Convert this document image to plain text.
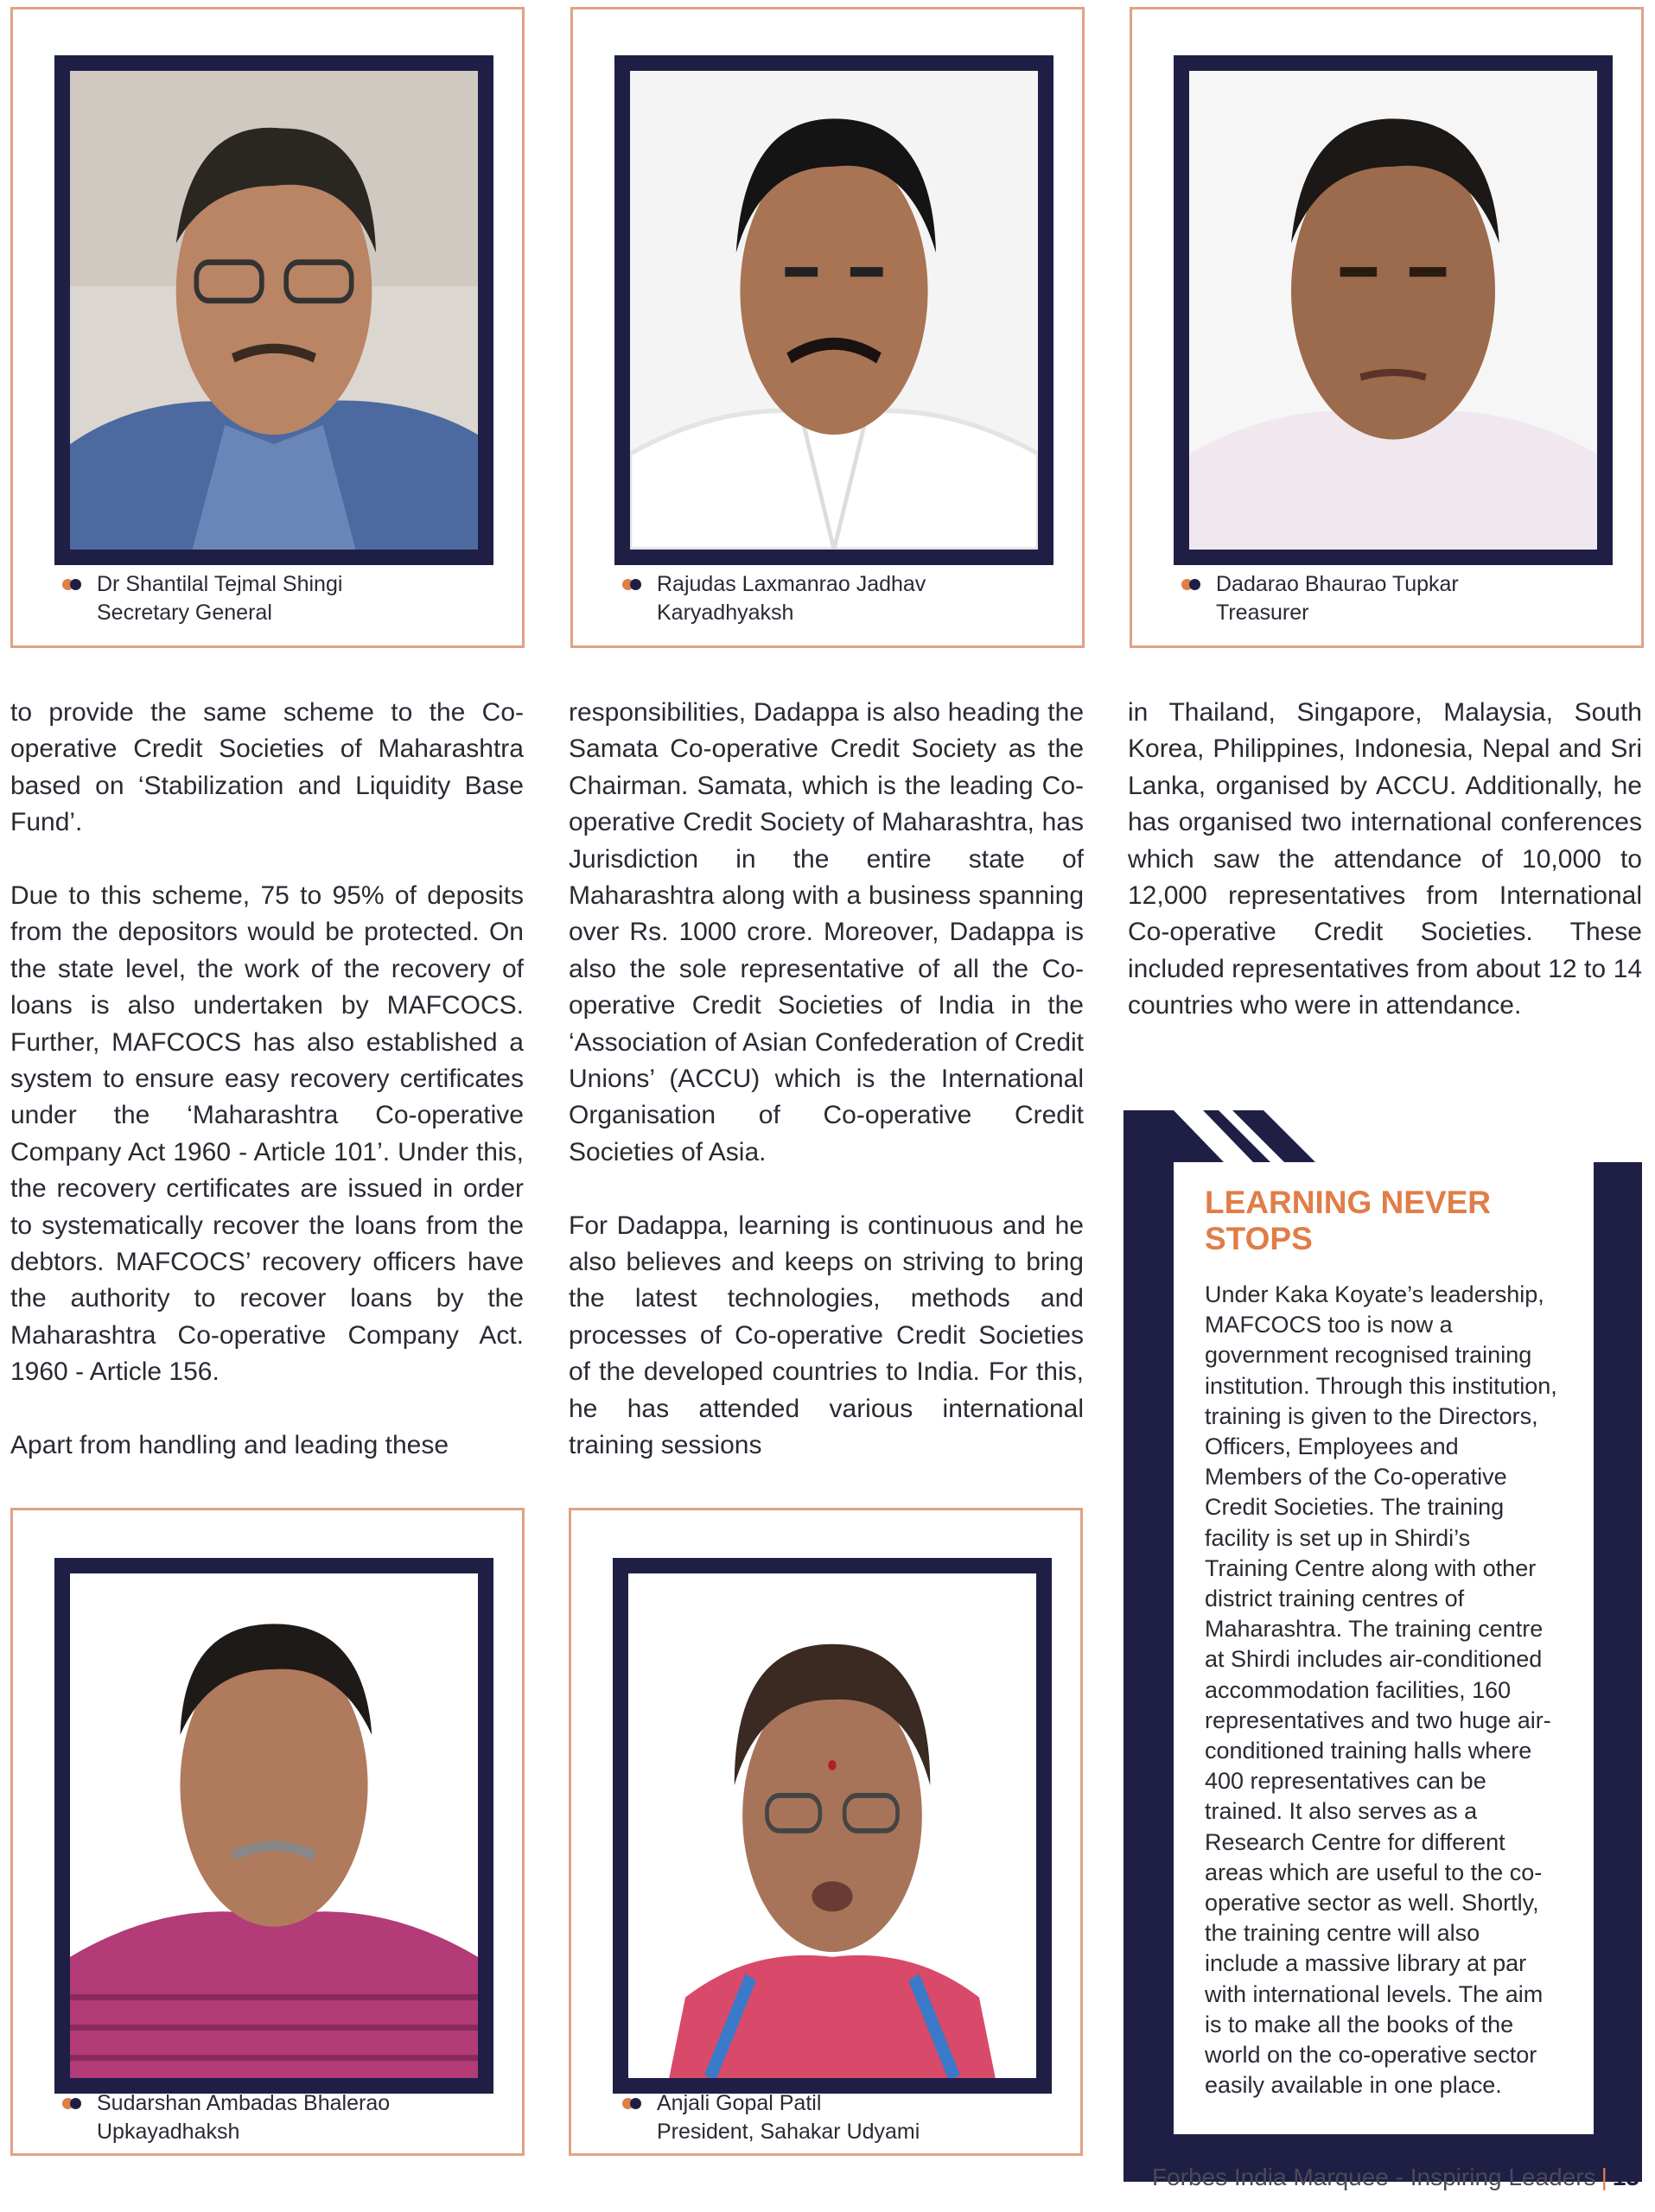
Dr Shantilal Tejmal Shingi
Secretary General
Rajudas Laxmanrao Jadhav
Karyadhyaksh
Dadarao Bhaurao Tupkar
Treasurer

to provide the same scheme to the Co-operative Credit Societies of Maharashtra based on ‘Stabilization and Liquidity Base Fund’.

Due to this scheme, 75 to 95% of deposits from the depositors would be protected. On the state level, the work of the recovery of loans is also undertaken by MAFCOCS. Further, MAFCOCS has also established a system to ensure easy recovery certificates under the ‘Maharashtra Co-operative Company Act 1960 - Article 101’. Under this, the recovery certificates are issued in order to systematically recover the loans from the debtors. MAFCOCS’ recovery officers have the authority to recover loans by the Maharashtra Co-operative Company Act. 1960 - Article 156.

Apart from handling and leading these

responsibilities, Dadappa is also heading the Samata Co-operative Credit Society as the Chairman. Samata, which is the leading Co-operative Credit Society of Maharashtra, has Jurisdiction in the entire state of Maharashtra along with a business spanning over Rs. 1000 crore. Moreover, Dadappa is also the sole representative of all the Co-operative Credit Societies of India in the ‘Association of Asian Confederation of Credit Unions’ (ACCU) which is the International Organisation of Co-operative Credit Societies of Asia.

For Dadappa, learning is continuous and he also believes and keeps on striving to bring the latest technologies, methods and processes of Co-operative Credit Societies of the developed countries to India. For this, he has attended various international training sessions

in Thailand, Singapore, Malaysia, South Korea, Philippines, Indonesia, Nepal and Sri Lanka, organised by ACCU. Additionally, he has organised two international conferences which saw the attendance of 10,000 to 12,000 representatives from International Co-operative Credit Societies. These included representatives from about 12 to 14 countries who were in attendance.

Sudarshan Ambadas Bhalerao
Upkayadhaksh
Anjali Gopal Patil
President, Sahakar Udyami
LEARNING NEVER STOPS

Under Kaka Koyate’s leadership, MAFCOCS too is now a government recognised training institution. Through this institution, training is given to the Directors, Officers, Employees and Members of the Co-operative Credit Societies. The training facility is set up in Shirdi’s Training Centre along with other district training centres of Maharashtra. The training centre at Shirdi includes air-conditioned accommodation facilities, 160 representatives and two huge air-conditioned training halls where 400 representatives can be trained. It also serves as a Research Centre for different areas which are useful to the co-operative sector as well. Shortly, the training centre will also include a massive library at par with international levels. The aim is to make all the books of the world on the co-operative sector easily available in one place.

Forbes India Marquee - Inspiring Leaders | 13
